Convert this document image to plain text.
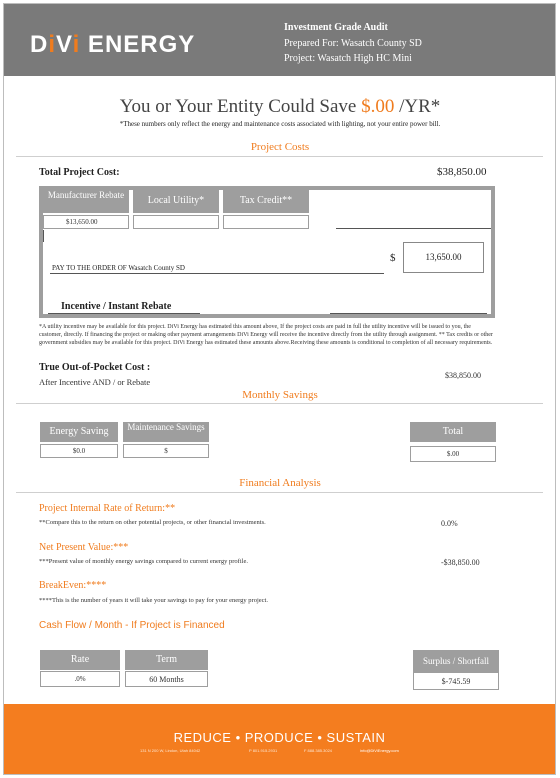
DiVi ENERGY
Investment Grade Audit
Prepared For: Wasatch County SD
Project: Wasatch High HC Mini
You or Your Entity Could Save $.00 /YR*
*These numbers only reflect the energy and maintenance costs associated with lighting, not your entire power bill.
Project Costs
Total Project Cost:	$38,850.00
Manufacturer Rebate	Local Utility*	Tax Credit**
$13,650.00
$	13,650.00
PAY TO THE ORDER OF Wasatch County SD
Incentive / Instant Rebate
*A utility incentive may be available for this project. DiVi Energy has estimated this amount above, If the project costs are paid in full the utility incentive will be issued to you, the customer, directly. If financing the project or making other payment arrangements DiVi Energy will receive the incentive directly from the utility through assignment. ** Tax credits or other government subsidies may be available for this project. DiVi Energy has estimated these amounts above.Receiving these amounts is conditional to completion of all necessary requirements.
True Out-of-Pocket Cost :
After Incentive AND / or Rebate
$38,850.00
Monthly Savings
Energy Saving	Maintenance Savings
$0.0	$
Total
$.00
Financial Analysis
Project Internal Rate of Return:**
**Compare this to the return on other potential projects, or other financial investments.	0.0%
Net Present Value:***
***Present value of monthly energy savings compared to current energy profile.	-$38,850.00
BreakEven:****
****This is the number of years it will take your savings to pay for your energy project.
Cash Flow / Month - If Project is Financed
Rate	Term
.0%	60 Months
Surplus / Shortfall
$-745.59
REDUCE • PRODUCE • SUSTAIN
131 N 200 W, Lindon, Utah 84042	P 801.915.2931	F 888.385.3024	info@DiViEnergy.com
